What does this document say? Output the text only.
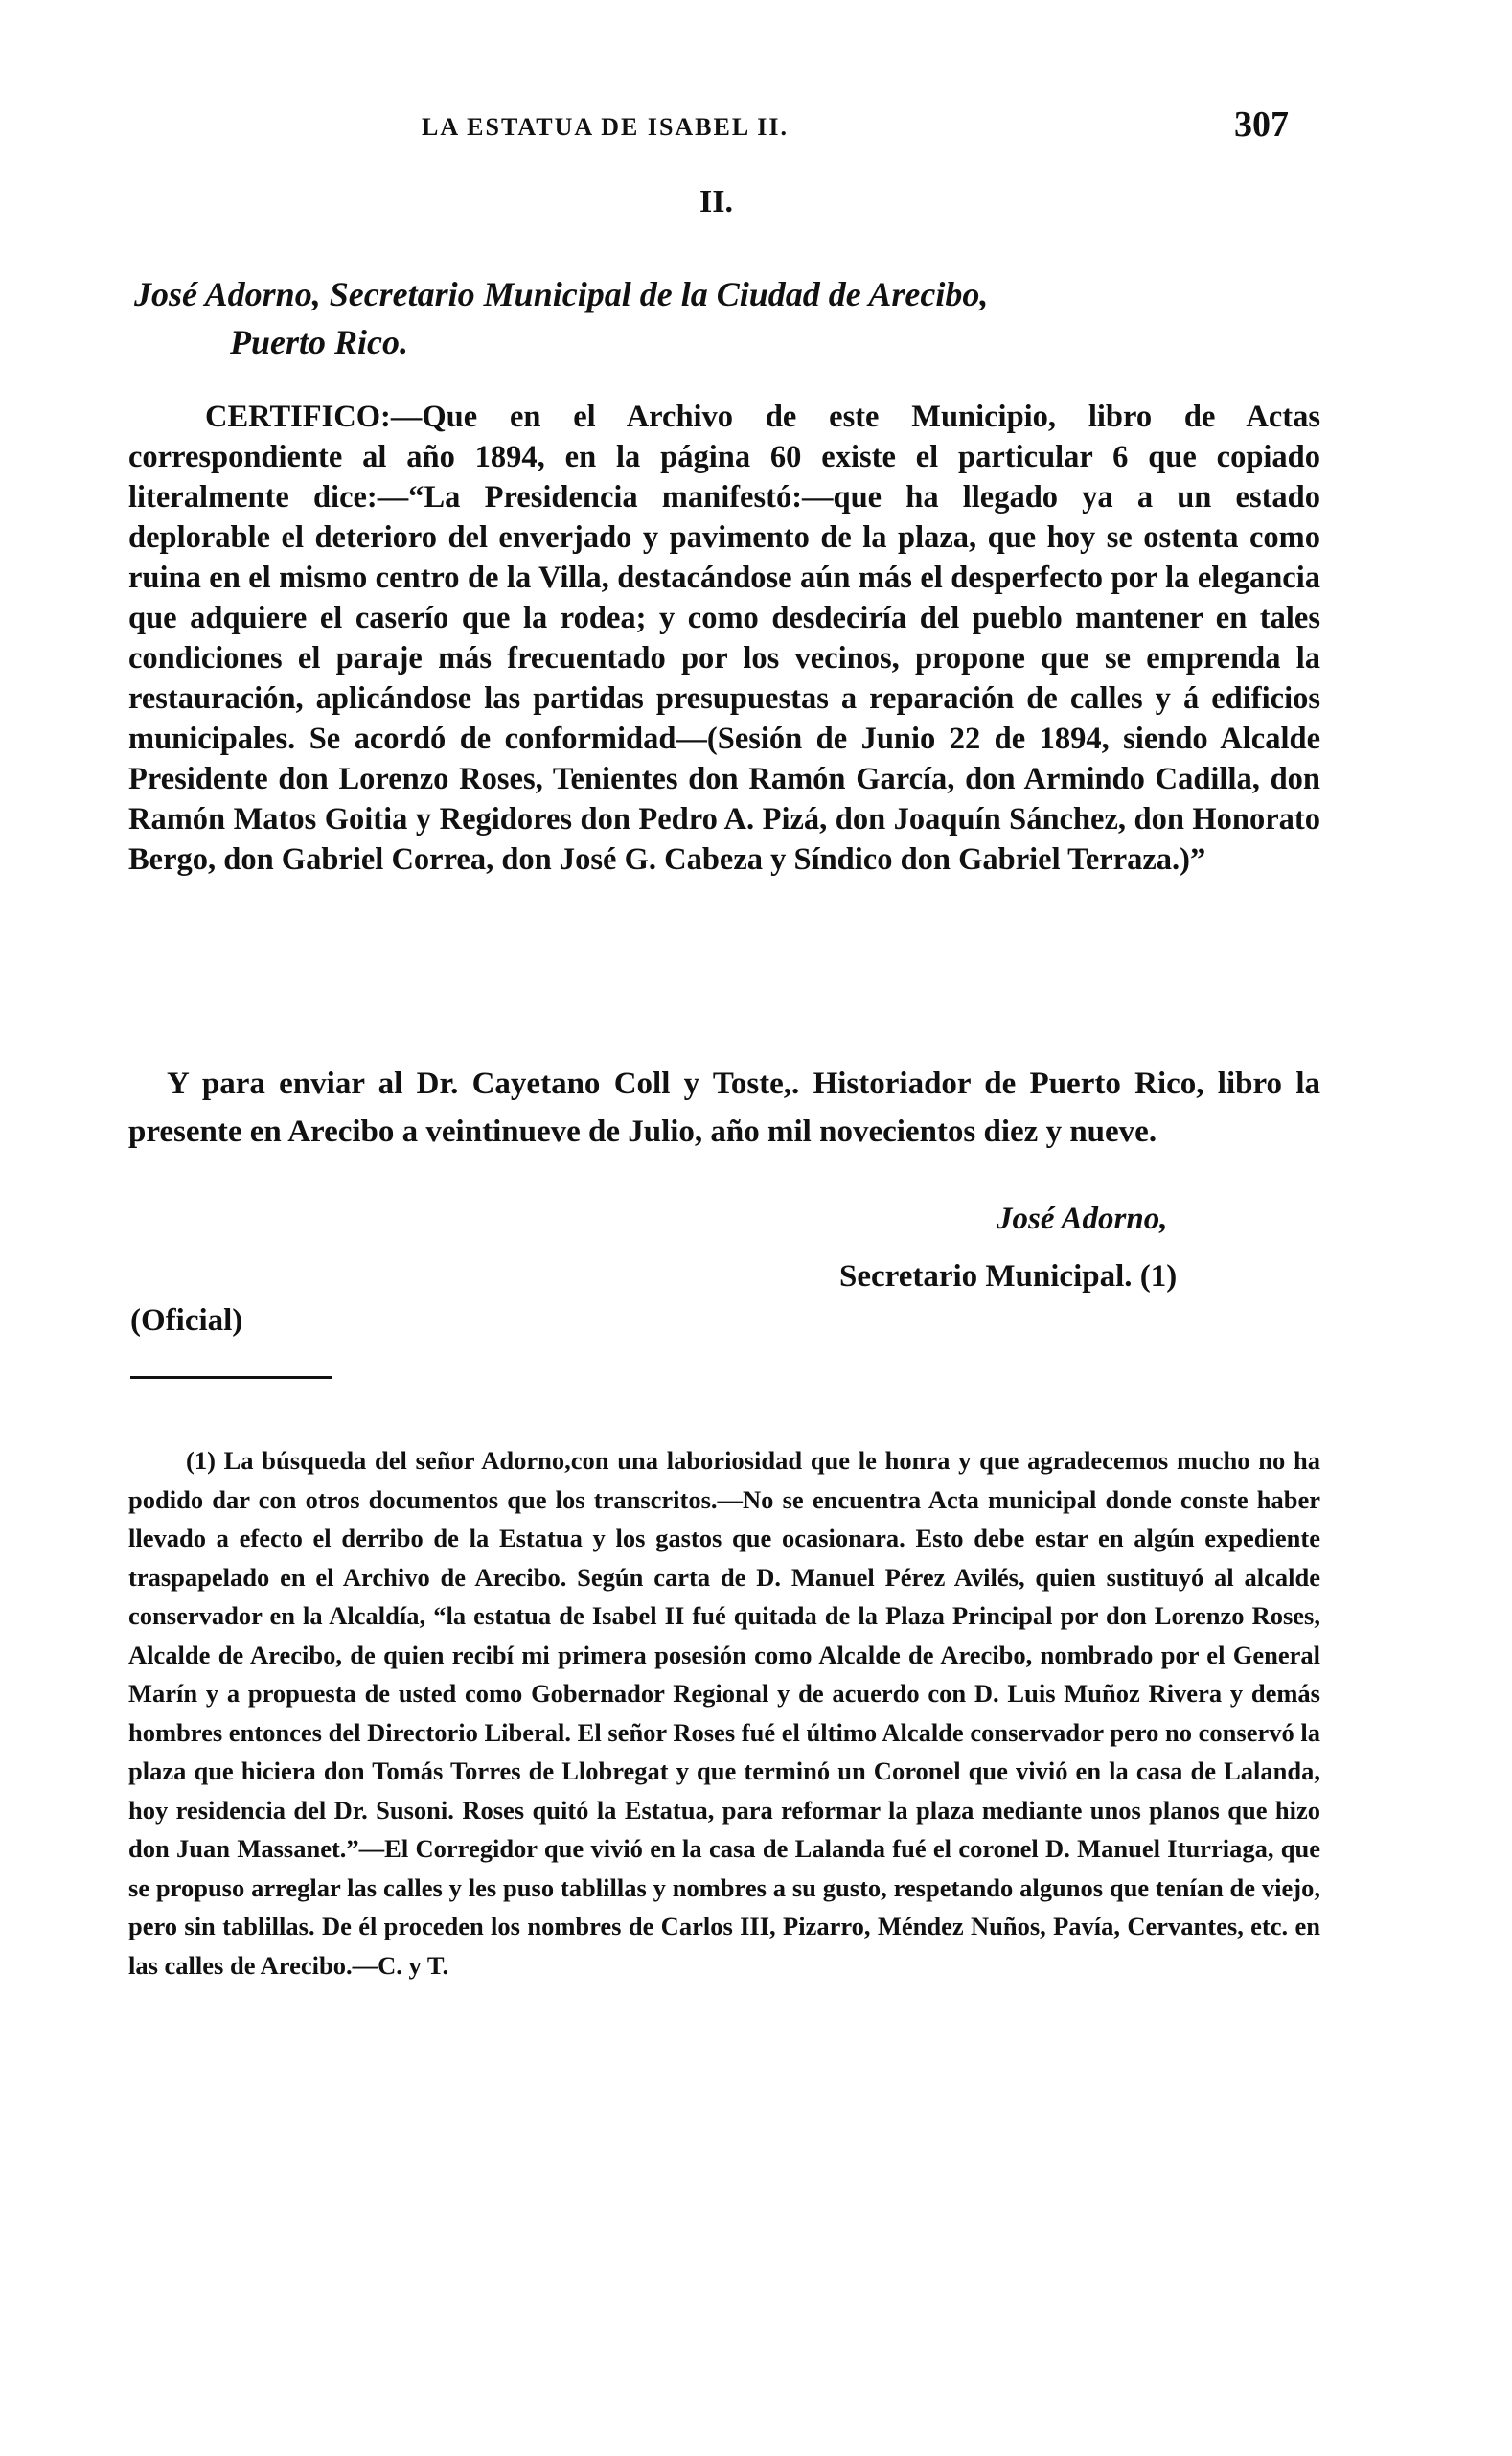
LA ESTATUA DE ISABEL II.	307
II.
José Adorno, Secretario Municipal de la Ciudad de Arecibo,
Puerto Rico.

CERTIFICO:—Que en el Archivo de este Municipio, libro de Actas correspondiente al año 1894, en la página 60 existe el particular 6 que copiado literalmente dice:—“La Presidencia manifestó:—que ha llegado ya a un estado deplorable el deterioro del enverjado y pavimento de la plaza, que hoy se ostenta como ruina en el mismo centro de la Villa, destacándose aún más el desperfecto por la elegancia que adquiere el caserío que la rodea; y como desdeciría del pueblo mantener en tales condiciones el paraje más frecuentado por los vecinos, propone que se emprenda la restauración, aplicándose las partidas presupuestas a reparación de calles y á edificios municipales. Se acordó de conformidad—(Sesión de Junio 22 de 1894, siendo Alcalde Presidente don Lorenzo Roses, Tenientes don Ramón García, don Armindo Cadilla, don Ramón Matos Goitia y Regidores don Pedro A. Pizá, don Joaquín Sánchez, don Honorato Bergo, don Gabriel Correa, don José G. Cabeza y Síndico don Gabriel Terraza.)”

Y para enviar al Dr. Cayetano Coll y Toste,. Historiador de Puerto Rico, libro la presente en Arecibo a veintinueve de Julio, año mil novecientos diez y nueve.

José Adorno,
Secretario Municipal. (1)
(Oficial)

(1) La búsqueda del señor Adorno,con una laboriosidad que le honra y que agradecemos mucho no ha podido dar con otros documentos que los transcritos.—No se encuentra Acta municipal donde conste haber llevado a efecto el derribo de la Estatua y los gastos que ocasionara. Esto debe estar en algún expediente traspapelado en el Archivo de Arecibo. Según carta de D. Manuel Pérez Avilés, quien sustituyó al alcalde conservador en la Alcaldía, “la estatua de Isabel II fué quitada de la Plaza Principal por don Lorenzo Roses, Alcalde de Arecibo, de quien recibí mi primera posesión como Alcalde de Arecibo, nombrado por el General Marín y a propuesta de usted como Gobernador Regional y de acuerdo con D. Luis Muñoz Rivera y demás hombres entonces del Directorio Liberal. El señor Roses fué el último Alcalde conservador pero no conservó la plaza que hiciera don Tomás Torres de Llobregat y que terminó un Coronel que vivió en la casa de Lalanda, hoy residencia del Dr. Susoni. Roses quitó la Estatua, para reformar la plaza mediante unos planos que hizo don Juan Massanet.”—El Corregidor que vivió en la casa de Lalanda fué el coronel D. Manuel Iturriaga, que se propuso arreglar las calles y les puso tablillas y nombres a su gusto, respetando algunos que tenían de viejo, pero sin tablillas. De él proceden los nombres de Carlos III, Pizarro, Méndez Nuños, Pavía, Cervantes, etc. en las calles de Arecibo.—C. y T.
